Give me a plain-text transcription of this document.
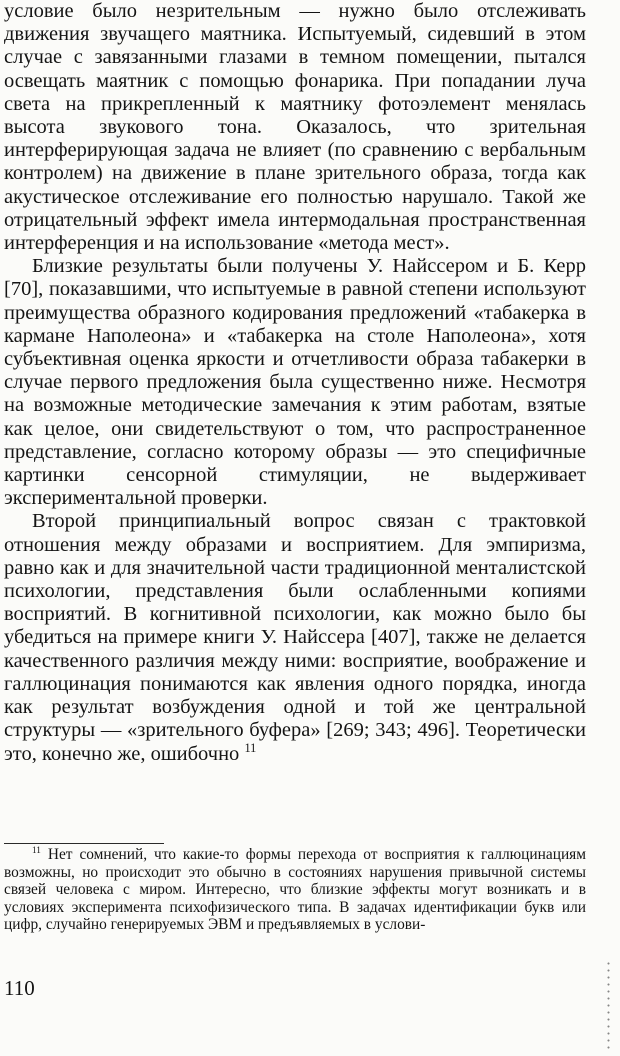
условие было незрительным — нужно было отслеживать движения звучащего маятника. Испытуемый, сидевший в этом случае с завязанными глазами в темном помещении, пытался освещать маятник с помощью фонарика. При попадании луча света на прикрепленный к маятнику фотоэлемент менялась высота звукового тона. Оказалось, что зрительная интерферирующая задача не влияет (по сравнению с вербальным контролем) на движение в плане зрительного образа, тогда как акустическое отслеживание его полностью нарушало. Такой же отрицательный эффект имела интермодальная пространственная интерференция и на использование «метода мест».

Близкие результаты были получены У. Найссером и Б. Керр [70], показавшими, что испытуемые в равной степени используют преимущества образного кодирования предложений «табакерка в кармане Наполеона» и «табакерка на столе Наполеона», хотя субъективная оценка яркости и отчетливости образа табакерки в случае первого предложения была существенно ниже. Несмотря на возможные методические замечания к этим работам, взятые как целое, они свидетельствуют о том, что распространенное представление, согласно которому образы — это специфичные картинки сенсорной стимуляции, не выдерживает экспериментальной проверки.

Второй принципиальный вопрос связан с трактовкой отношения между образами и восприятием. Для эмпиризма, равно как и для значительной части традиционной менталистской психологии, представления были ослабленными копиями восприятий. В когнитивной психологии, как можно было бы убедиться на примере книги У. Найссера [407], также не делается качественного различия между ними: восприятие, воображение и галлюцинация понимаются как явления одного порядка, иногда как результат возбуждения одной и той же центральной структуры — «зрительного буфера» [269; 343; 496]. Теоретически это, конечно же, ошибочно $^{11}$

$^{11}$ Нет сомнений, что какие-то формы перехода от восприятия к галлюцинациям возможны, но происходит это обычно в состояниях нарушения привычной системы связей человека с миром. Интересно, что близкие эффекты могут возникать и в условиях эксперимента психофизического типа. В задачах идентификации букв или цифр, случайно генерируемых ЭВМ и предъявляемых в услови-

110
